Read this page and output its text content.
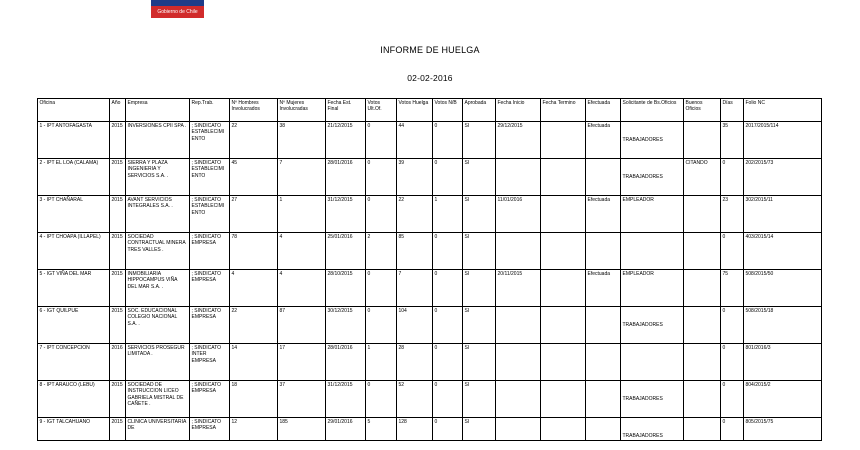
Gobierno de Chile
INFORME DE HUELGA
02-02-2016
Oficina	Año	Empresa	Rep.Trab.	Nº Hombres Involucrados	Nº Mujeres Involucradas	Fecha Est. Final	Votos Ult.Of.	Votos Huelga	Votos N/B	Aprobada	Fecha Inicio	Fecha Termino	Efectuada	Solicitante de Bs.Oficios	Buenos Oficios	Días	Folio NC
1 - IPT ANTOFAGASTA	2015	INVERSIONES CPII SPA .	; SINDICATO ESTABLECIMIENTO	22	38	21/12/2015	0	44	0	SI	29/12/2015		Efectuada	TRABAJADORES		35	2017/2015/114
2 - IPT EL LOA (CALAMA)	2015	SIERRA Y PLAZA INGENIERIA Y SERVICIOS S.A. .	; SINDICATO ESTABLECIMIENTO	45	7	28/01/2016	0	39	0	SI				TRABAJADORES	CITANDO	0	202/2015/73
3 - IPT CHAÑARAL	2015	AVANT SERVICIOS INTEGRALES S.A. .	; SINDICATO ESTABLECIMIENTO	27	1	31/12/2015	0	22	1	SI	11/01/2016		Efectuada	EMPLEADOR		23	302/2015/11
4 - IPT CHOAPA (ILLAPEL)	2015	SOCIEDAD CONTRACTUAL MINERA TRES VALLES .	; SINDICATO EMPRESA	78	4	25/01/2016	2	85	0	SI						0	403/2015/14
5 - IGT VIÑA DEL MAR	2015	INMOBILIARIA HIPPOCAMPUS VIÑA DEL MAR S.A. .	; SINDICATO EMPRESA	4	4	28/10/2015	0	7	0	SI	20/11/2015		Efectuada	EMPLEADOR		75	508/2015/50
6 - IGT QUILPUE	2015	SOC. EDUCACIONAL COLEGIO NACIONAL S.A. .	; SINDICATO EMPRESA	22	87	30/12/2015	0	104	0	SI				TRABAJADORES		0	508/2015/18
7 - IPT CONCEPCION	2016	SERVICIOS PROSEGUR LIMITADA .	; SINDICATO INTER EMPRESA	14	17	28/01/2016	1	28	0	SI						0	801/2016/3
8 - IPT ARAUCO (LEBU)	2015	SOCIEDAD DE INSTRUCCION LICEO GABRIELA MISTRAL DE CAÑETE .	; SINDICATO EMPRESA	18	37	31/12/2015	0	52	0	SI				TRABAJADORES		0	804/2015/2
9 - IGT TALCAHUANO	2015	CLINICA UNIVERSITARIA DE	; SINDICATO EMPRESA	12	185	29/01/2016	5	128	0	SI				TRABAJADORES		0	805/2015/75
